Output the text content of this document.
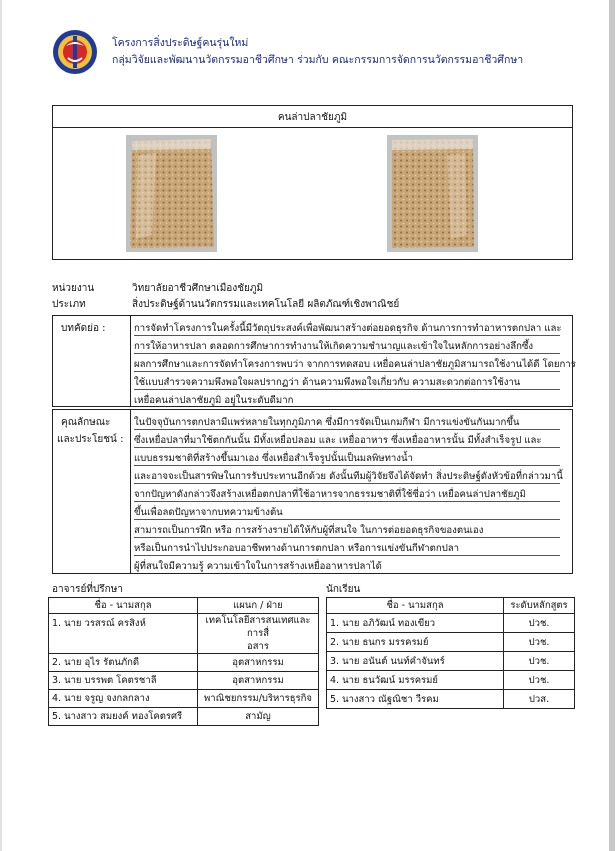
โครงการสิ่งประดิษฐ์คนรุ่นใหม่
กลุ่มวิจัยและพัฒนานวัตกรรมอาชีวศึกษา ร่วมกับ คณะกรรมการจัดการนวัตกรรมอาชีวศึกษา
คนล่าปลาชัยภูมิ
หน่วยงาน	วิทยาลัยอาชีวศึกษาเมืองชัยภูมิ
ประเภท	สิ่งประดิษฐ์ด้านนวัตกรรมและเทคโนโลยี ผลิตภัณฑ์เชิงพาณิชย์
บทคัดย่อ :	การจัดทำโครงการในครั้งนี้มีวัตถุประสงค์เพื่อพัฒนาสร้างต่อยอดธุรกิจ ด้านการการทำอาหารตกปลา และ
การให้อาหารปลา ตลอดการศึกษาการทำงานให้เกิดความชำนาญและเข้าใจในหลักการอย่างลึกซึ้ง
ผลการศึกษาและการจัดทำโครงการพบว่า จากการทดสอบ เหยื่อคนล่าปลาชัยภูมิสามารถใช้งานได้ดี โดยการ
ใช้แบบสำรวจความพึงพอใจผลปรากฏว่า ด้านความพึงพอใจเกี่ยวกับ ความสะดวกต่อการใช้งาน
เหยื่อคนล่าปลาชัยภูมิ อยู่ในระดับดีมาก
คุณลักษณะ
และประโยชน์ :
ในปัจจุบันการตกปลามีแพร่หลายในทุกภูมิภาค ซึ่งมีการจัดเป็นเกมกีฬา มีการแข่งขันกันมากขึ้น
ซึ่งเหยื่อปลาที่มาใช้ตกกันนั้น มีทั้งเหยื่อปลอม และ เหยื่ออาหาร ซึ่งเหยื่ออาหารนั้น มีทั้งสำเร็จรูป และ
แบบธรรมชาติที่สร้างขึ้นมาเอง ซึ่งเหยื่อสำเร็จรูปนั้นเป็นมลพิษทางน้ำ
และอาจจะเป็นสารพิษในการรับประทานอีกด้วย ดังนั้นทีมผู้วิจัยจึงได้จัดทำ สิ่งประดิษฐ์ดังหัวข้อที่กล่าวมานี้
จากปัญหาดังกล่าวจึงสร้างเหยื่อตกปลาที่ใช้อาหารจากธรรมชาติที่ใช้ซี่อว่า เหยื่อคนล่าปลาชัยภูมิ
ขึ้นเพื่อลดปัญหาจากบทความข้างต้น
สามารถเป็นการฝึก หรือ การสร้างรายได้ให้กับผู้ที่สนใจ ในการต่อยอดธุรกิจของตนเอง
หรือเป็นการนำไปประกอบอาชีพทางด้านการตกปลา หรือการแข่งขันกีฬาตกปลา
ผู้ที่สนใจมีความรู้ ความเข้าใจในการสร้างเหยื่ออาหารปลาได้
อาจารย์ที่ปรึกษา
ชื่อ - นามสกุล	แผนก / ฝ่าย
1. นาย วรสรณ์ ครสิงห์	เทคโนโลยีสารสนเทศและการสื่
อสาร
2. นาย อุไร รัตนภักดี	อุตสาหกรรม
3. นาย บรรพต โคตรชาลี	อุตสาหกรรม
4. นาย จรูญ จงกลกลาง	พาณิชยกรรม/บริหารธุรกิจ
5. นางสาว สมยงค์ ทองโคตรศรี	สามัญ
นักเรียน
ชื่อ - นามสกุล	ระดับหลักสูตร
1. นาย อภิวัฒน์ ทองเขียว	ปวช.
2. นาย ธนกร มรรครมย์	ปวช.
3. นาย อนันต์ นนท์คำจันทร์	ปวช.
4. นาย ธนวัฒน์ มรรครมย์	ปวช.
5. นางสาว ณัฐณิชา วีรคม	ปวส.
